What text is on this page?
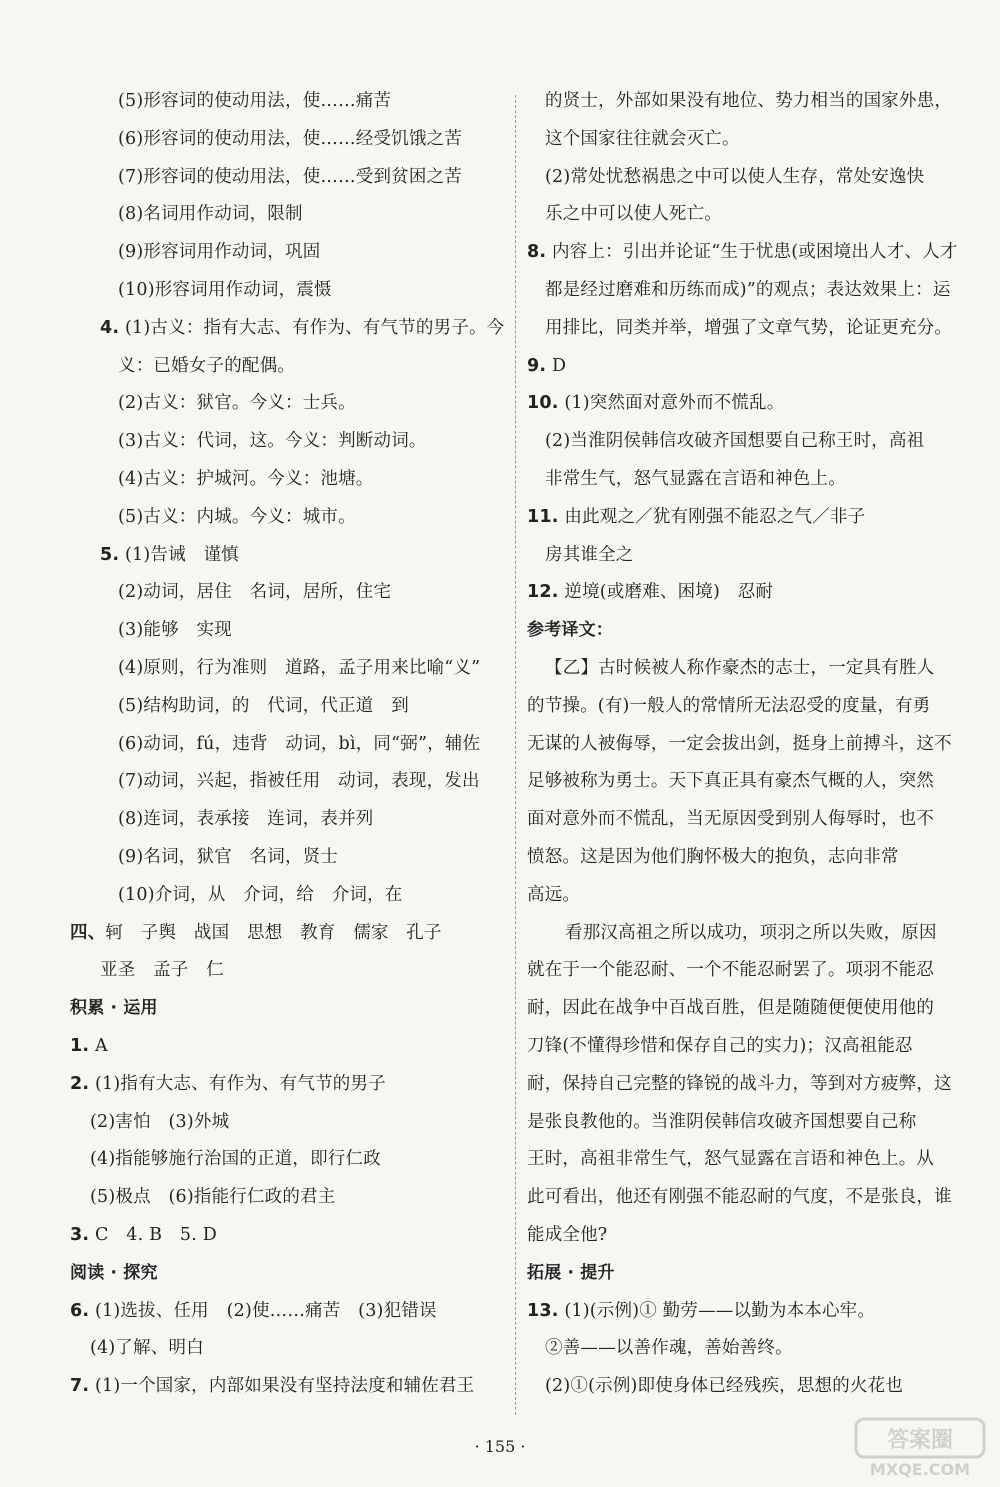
(5)形容词的使动用法，使……痛苦
(6)形容词的使动用法，使……经受饥饿之苦
(7)形容词的使动用法，使……受到贫困之苦
(8)名词用作动词，限制
(9)形容词用作动词，巩固
(10)形容词用作动词，震慑
4. (1)古义：指有大志、有作为、有气节的男子。今
义：已婚女子的配偶。
(2)古义：狱官。今义：士兵。
(3)古义：代词，这。今义：判断动词。
(4)古义：护城河。今义：池塘。
(5)古义：内城。今义：城市。
5. (1)告诫　谨慎
(2)动词，居住　名词，居所，住宅
(3)能够　实现
(4)原则，行为准则　道路，孟子用来比喻“义”
(5)结构助词，的　代词，代正道　到
(6)动词，fú，违背　动词，bì，同“弼”，辅佐
(7)动词，兴起，指被任用　动词，表现，发出
(8)连词，表承接　连词，表并列
(9)名词，狱官　名词，贤士
(10)介词，从　介词，给　介词，在
四、轲　子舆　战国　思想　教育　儒家　孔子
亚圣　孟子　仁
积累 · 运用
1. A
2. (1)指有大志、有作为、有气节的男子
(2)害怕　(3)外城
(4)指能够施行治国的正道，即行仁政
(5)极点　(6)指能行仁政的君主
3. C　4. B　5. D
阅读 · 探究
6. (1)选拔、任用　(2)使……痛苦　(3)犯错误
(4)了解、明白
7. (1)一个国家，内部如果没有坚持法度和辅佐君王
的贤士，外部如果没有地位、势力相当的国家外患，
这个国家往往就会灭亡。
(2)常处忧愁祸患之中可以使人生存，常处安逸快
乐之中可以使人死亡。
8. 内容上：引出并论证“生于忧患(或困境出人才、人才
都是经过磨难和历练而成)”的观点；表达效果上：运
用排比，同类并举，增强了文章气势，论证更充分。
9. D
10. (1)突然面对意外而不慌乱。
(2)当淮阴侯韩信攻破齐国想要自己称王时，高祖
非常生气，怒气显露在言语和神色上。
11. 由此观之／犹有刚强不能忍之气／非子
房其谁全之
12. 逆境(或磨难、困境)　忍耐
参考译文：
【乙】古时候被人称作豪杰的志士，一定具有胜人
的节操。(有)一般人的常情所无法忍受的度量，有勇
无谋的人被侮辱，一定会拔出剑，挺身上前搏斗，这不
足够被称为勇士。天下真正具有豪杰气概的人，突然
面对意外而不慌乱，当无原因受到别人侮辱时，也不
愤怒。这是因为他们胸怀极大的抱负，志向非常
高远。
看那汉高祖之所以成功，项羽之所以失败，原因
就在于一个能忍耐、一个不能忍耐罢了。项羽不能忍
耐，因此在战争中百战百胜，但是随随便便使用他的
刀锋(不懂得珍惜和保存自己的实力)；汉高祖能忍
耐，保持自己完整的锋锐的战斗力，等到对方疲弊，这
是张良教他的。当淮阴侯韩信攻破齐国想要自己称
王时，高祖非常生气，怒气显露在言语和神色上。从
此可看出，他还有刚强不能忍耐的气度，不是张良，谁
能成全他?
拓展 · 提升
13. (1)(示例)① 勤劳——以勤为本本心牢。
②善——以善作魂，善始善终。
(2)①(示例)即使身体已经残疾，思想的火花也
· 155 ·	答案圈
MXQE.COM
